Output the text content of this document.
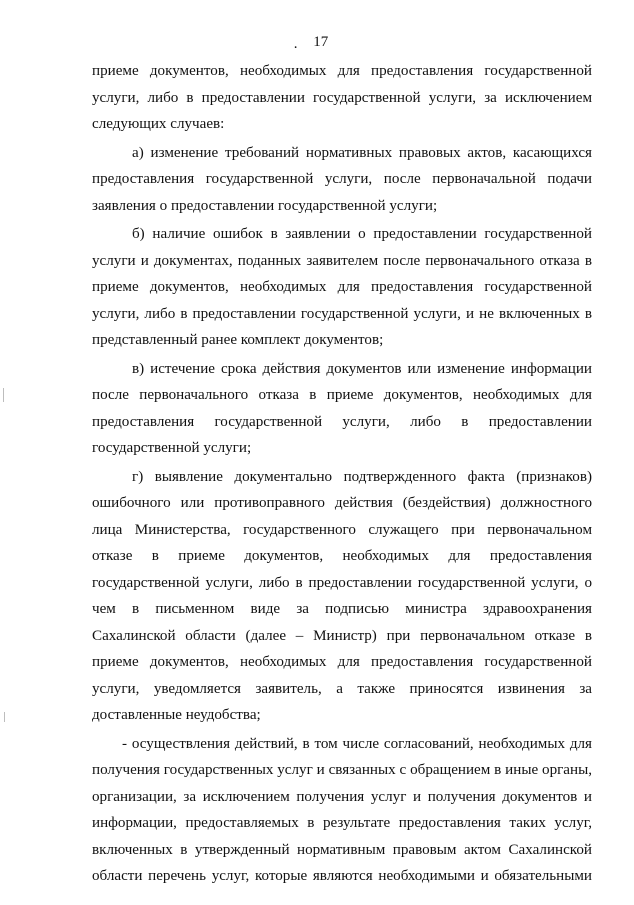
. 17

приеме документов, необходимых для предоставления государственной услуги, либо в предоставлении государственной услуги, за исключением следующих случаев:

а) изменение требований нормативных правовых актов, касающихся предоставления государственной услуги, после первоначальной подачи заявления о предоставлении государственной услуги;

б) наличие ошибок в заявлении о предоставлении государственной услуги и документах, поданных заявителем после первоначального отказа в приеме документов, необходимых для предоставления государственной услуги, либо в предоставлении государственной услуги, и не включенных в представленный ранее комплект документов;

в) истечение срока действия документов или изменение информации после первоначального отказа в приеме документов, необходимых для предоставления государственной услуги, либо в предоставлении государственной услуги;

г) выявление документально подтвержденного факта (признаков) ошибочного или противоправного действия (бездействия) должностного лица Министерства, государственного служащего при первоначальном отказе в приеме документов, необходимых для предоставления государственной услуги, либо в предоставлении государственной услуги, о чем в письменном виде за подписью министра здравоохранения Сахалинской области (далее – Министр) при первоначальном отказе в приеме документов, необходимых для предоставления государственной услуги, уведомляется заявитель, а также приносятся извинения за доставленные неудобства;

- осуществления действий, в том числе согласований, необходимых для получения государственных услуг и связанных с обращением в иные органы, организации, за исключением получения услуг и получения документов и информации, предоставляемых в результате предоставления таких услуг, включенных в утвержденный нормативным правовым актом Сахалинской области перечень услуг, которые являются необходимыми и обязательными
